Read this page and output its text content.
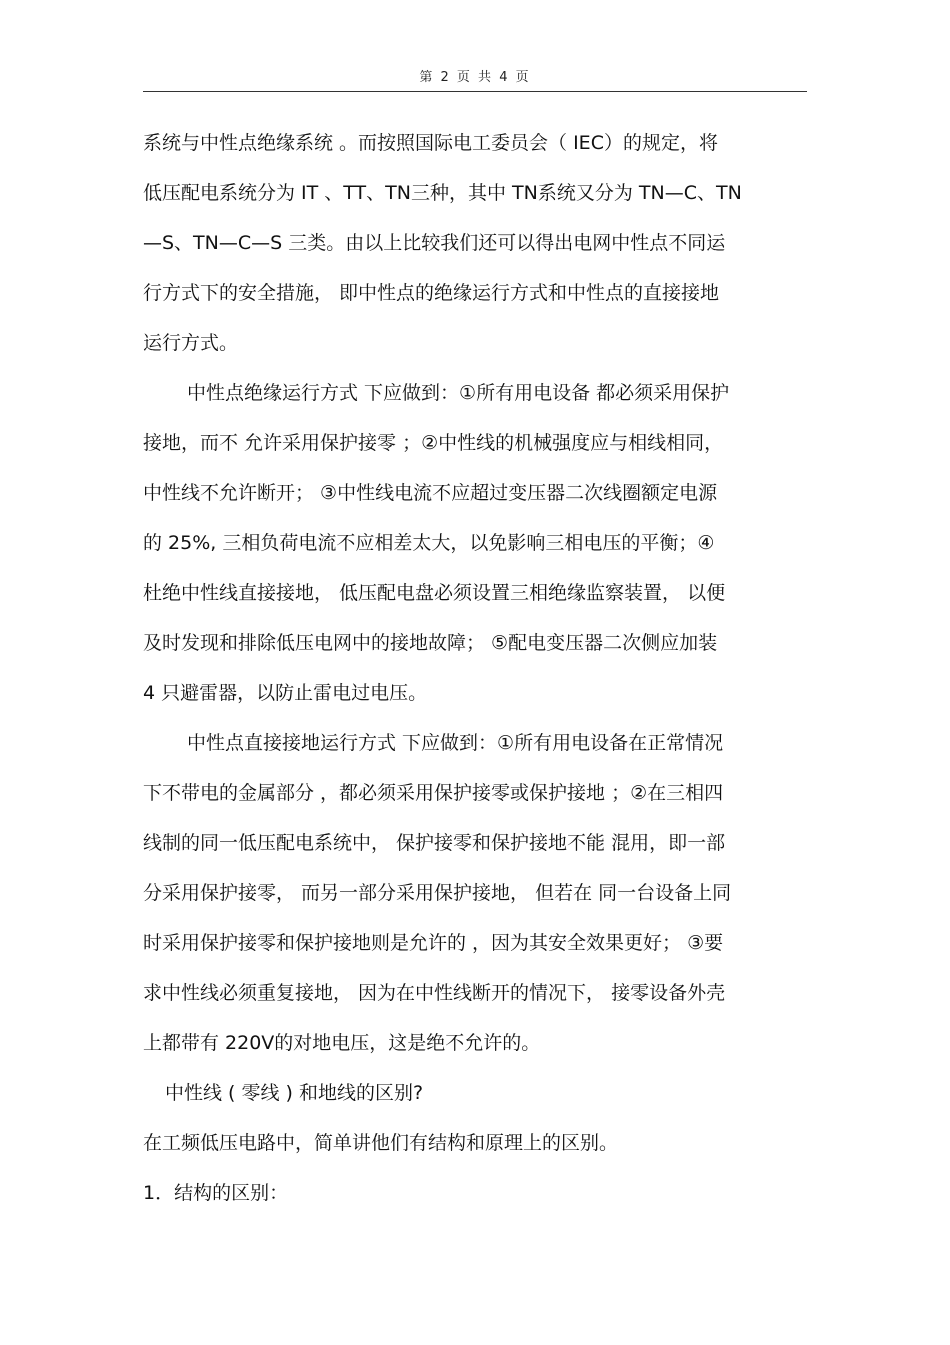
第 2 页 共 4 页
系统与中性点绝缘系统 。而按照国际电工委员会（ IEC）的规定，将
低压配电系统分为 IT 、TT、TN三种，其中 TN系统又分为 TN—C、TN
—S、TN—C—S 三类。由以上比较我们还可以得出电网中性点不同运
行方式下的安全措施， 即中性点的绝缘运行方式和中性点的直接接地
运行方式。
中性点绝缘运行方式 下应做到：①所有用电设备 都必须采用保护
接地，而不 允许采用保护接零 ；②中性线的机械强度应与相线相同，
中性线不允许断开； ③中性线电流不应超过变压器二次线圈额定电源
的 25%, 三相负荷电流不应相差太大，以免影响三相电压的平衡；④
杜绝中性线直接接地， 低压配电盘必须设置三相绝缘监察装置， 以便
及时发现和排除低压电网中的接地故障； ⑤配电变压器二次侧应加装
4 只避雷器，以防止雷电过电压。
中性点直接接地运行方式 下应做到：①所有用电设备在正常情况
下不带电的金属部分 ，都必须采用保护接零或保护接地 ；②在三相四
线制的同一低压配电系统中， 保护接零和保护接地不能 混用，即一部
分采用保护接零， 而另一部分采用保护接地， 但若在 同一台设备上同
时采用保护接零和保护接地则是允许的 ，因为其安全效果更好； ③要
求中性线必须重复接地， 因为在中性线断开的情况下， 接零设备外壳
上都带有 220V的对地电压，这是绝不允许的。
中性线 ( 零线 ) 和地线的区别?
在工频低压电路中，简单讲他们有结构和原理上的区别。
1．结构的区别：
